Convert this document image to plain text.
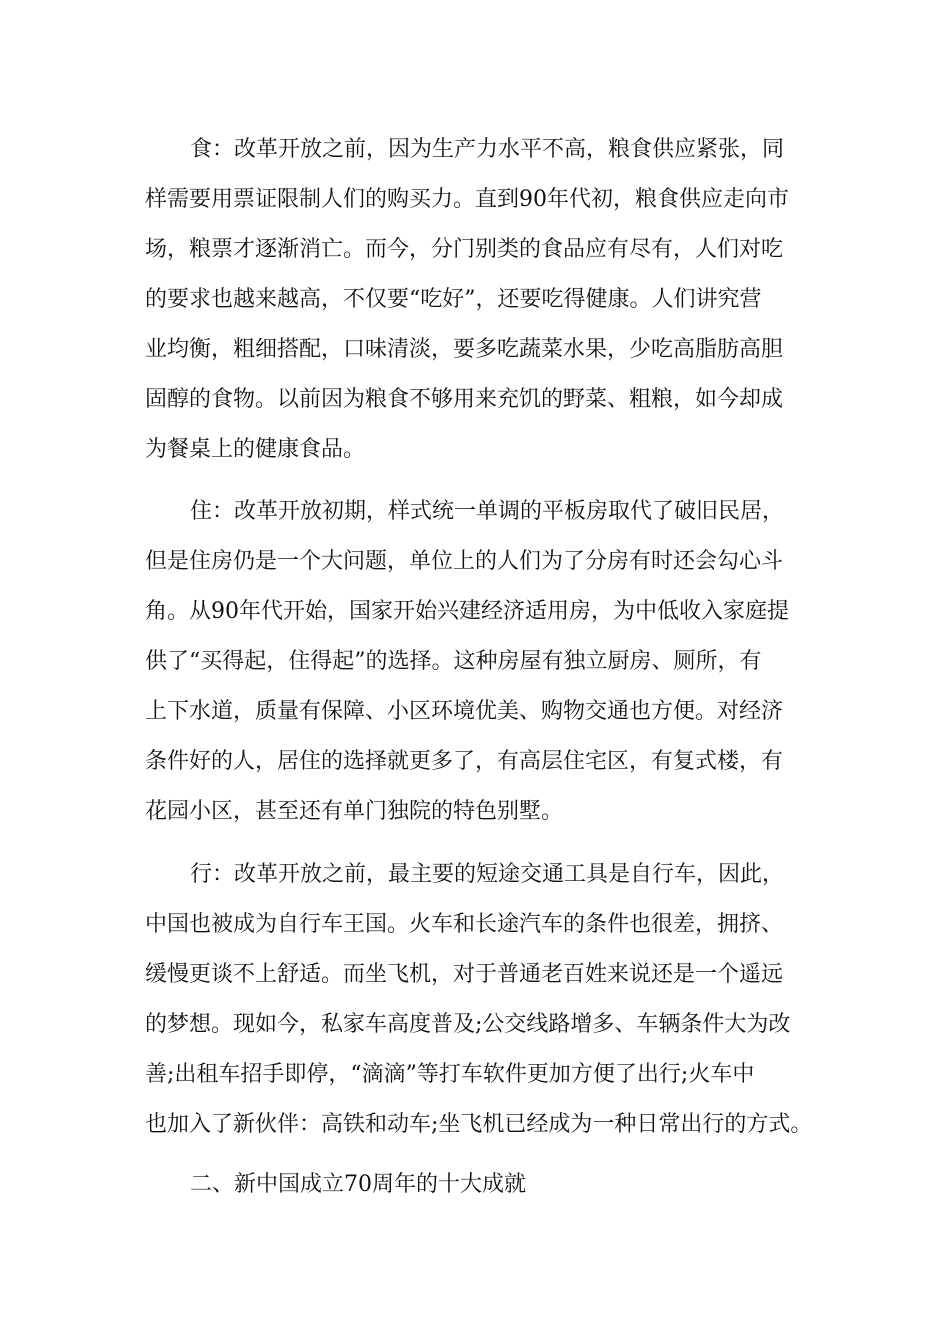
食：改革开放之前，因为生产力水平不高，粮食供应紧张，同
样需要用票证限制人们的购买力。直到90年代初，粮食供应走向市
场，粮票才逐渐消亡。而今，分门别类的食品应有尽有，人们对吃
的要求也越来越高，不仅要“吃好”，还要吃得健康。人们讲究营
业均衡，粗细搭配，口味清淡，要多吃蔬菜水果，少吃高脂肪高胆
固醇的食物。以前因为粮食不够用来充饥的野菜、粗粮，如今却成
为餐桌上的健康食品。
住：改革开放初期，样式统一单调的平板房取代了破旧民居，
但是住房仍是一个大问题，单位上的人们为了分房有时还会勾心斗
角。从90年代开始，国家开始兴建经济适用房，为中低收入家庭提
供了“买得起，住得起”的选择。这种房屋有独立厨房、厕所，有
上下水道，质量有保障、小区环境优美、购物交通也方便。对经济
条件好的人，居住的选择就更多了，有高层住宅区，有复式楼，有
花园小区，甚至还有单门独院的特色别墅。
行：改革开放之前，最主要的短途交通工具是自行车，因此，
中国也被成为自行车王国。火车和长途汽车的条件也很差，拥挤、
缓慢更谈不上舒适。而坐飞机，对于普通老百姓来说还是一个遥远
的梦想。现如今，私家车高度普及;公交线路增多、车辆条件大为改
善;出租车招手即停，“滴滴”等打车软件更加方便了出行;火车中
也加入了新伙伴：高铁和动车;坐飞机已经成为一种日常出行的方式。
二、新中国成立70周年的十大成就
